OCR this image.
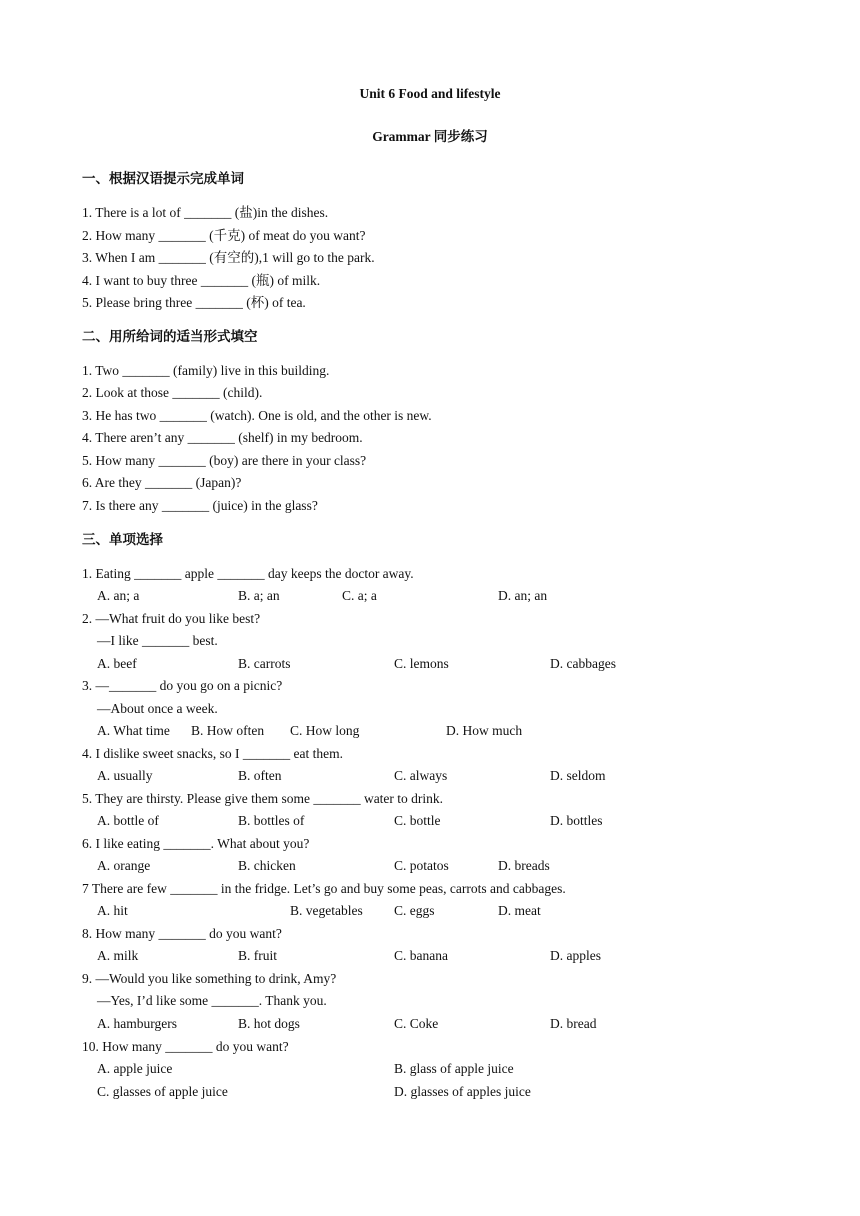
Unit 6 Food and lifestyle
Grammar 同步练习
一、根据汉语提示完成单词
1. There is a lot of _______ (盐)in the dishes.
2. How many _______ (千克) of meat do you want?
3. When I am _______ (有空的),1 will go to the park.
4. I want to buy three _______ (瓶) of milk.
5. Please bring three _______ (杯) of tea.
二、用所给词的适当形式填空
1. Two _______ (family) live in this building.
2. Look at those _______ (child).
3. He has two _______ (watch). One is old, and the other is new.
4. There aren’t any _______ (shelf) in my bedroom.
5. How many _______ (boy) are there in your class?
6. Are they _______ (Japan)?
7. Is there any _______ (juice) in the glass?
三、单项选择
1. Eating _______ apple _______ day keeps the doctor away.
A. an; a	B. a; an	C. a; a	D. an; an
2. —What fruit do you like best?
—I like _______ best.
A. beef	B. carrots	C. lemons	D. cabbages
3. —_______ do you go on a picnic?
—About once a week.
A. What time B. How often C. How long	D. How much
4. I dislike sweet snacks, so I _______ eat them.
A. usually	B. often	C. always	D. seldom
5. They are thirsty. Please give them some _______ water to drink.
A. bottle of	B. bottles of	C. bottle	D. bottles
6. I like eating _______. What about you?
A. orange	B. chicken	C. potatos	D. breads
7 There are few _______ in the fridge. Let’s go and buy some peas, carrots and cabbages.
A. hit	B. vegetables C. eggs	D. meat
8. How many _______ do you want?
A. milk	B. fruit	C. banana	D. apples
9. —Would you like something to drink, Amy?
—Yes, I’d like some _______. Thank you.
A. hamburgers	B. hot dogs	C. Coke	D. bread
10. How many _______ do you want?
A. apple juice	B. glass of apple juice
C. glasses of apple juice	D. glasses of apples juice
